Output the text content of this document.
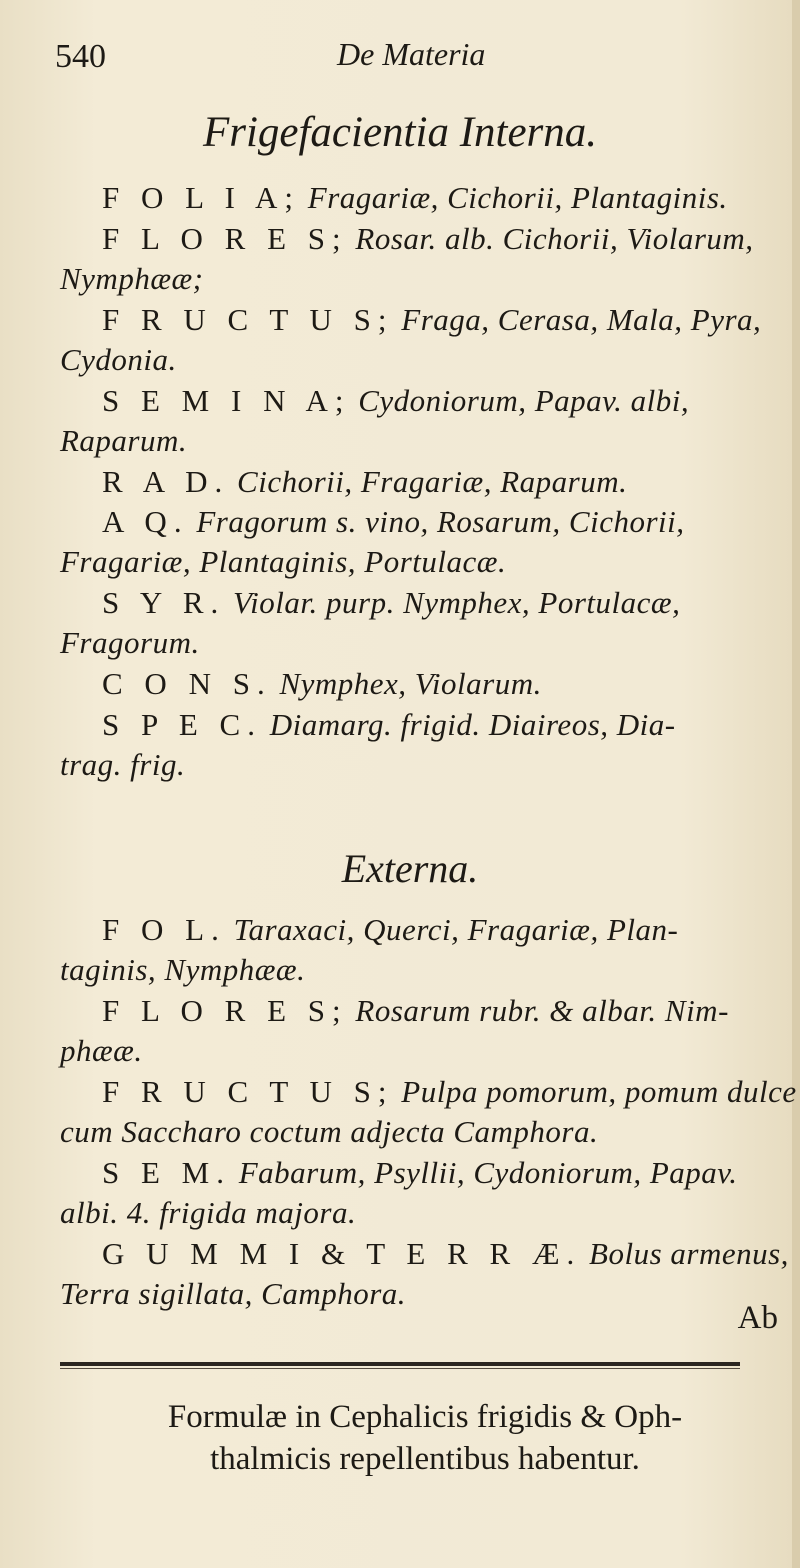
540	De Materia
Frigefacientia Interna.
F O L I A; Fragariæ, Cichorii, Plantaginis.
F L O R E S; Rosar. alb. Cichorii, Violarum,
Nymphææ;
F R U C T U S; Fraga, Cerasa, Mala, Pyra,
Cydonia.
S E M I N A; Cydoniorum, Papav. albi,
Raparum.
R A D. Cichorii, Fragariæ, Raparum.
A Q. Fragorum s. vino, Rosarum, Cichorii,
Fragariæ, Plantaginis, Portulacæ.
S Y R. Violar. purp. Nymphex, Portulacæ,
Fragorum.
C O N S. Nymphex, Violarum.
S P E C. Diamarg. frigid. Diaireos, Dia-
trag. frig.
Externa.
F O L. Taraxaci, Querci, Fragariæ, Plan-
taginis, Nymphææ.
F L O R E S; Rosarum rubr. & albar. Nim-
phææ.
F R U C T U S; Pulpa pomorum, pomum dulce
cum Saccharo coctum adjecta Camphora.
S E M. Fabarum, Psyllii, Cydoniorum, Papav.
albi. 4. frigida majora.
G U M M I & T E R R Æ. Bolus armenus,
Terra sigillata, Camphora.
Ab
Formulæ in Cephalicis frigidis & Oph-
thalmicis repellentibus habentur.
